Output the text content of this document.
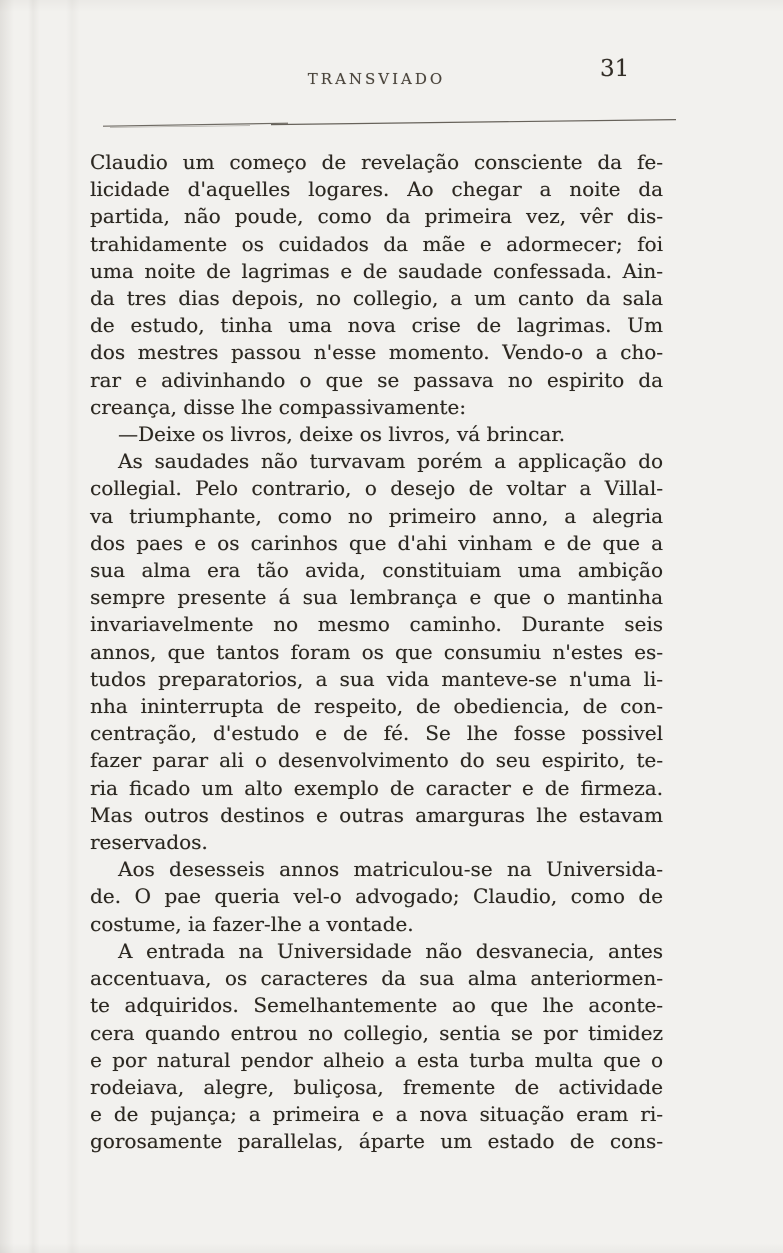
TRANSVIADO	31
Claudio um começo de revelação consciente da fe-
licidade d'aquelles logares. Ao chegar a noite da
partida, não poude, como da primeira vez, vêr dis-
trahidamente os cuidados da mãe e adormecer; foi
uma noite de lagrimas e de saudade confessada. Ain-
da tres dias depois, no collegio, a um canto da sala
de estudo, tinha uma nova crise de lagrimas. Um
dos mestres passou n'esse momento. Vendo-o a cho-
rar e adivinhando o que se passava no espirito da
creança, disse lhe compassivamente:
—Deixe os livros, deixe os livros, vá brincar.
As saudades não turvavam porém a applicação do
collegial. Pelo contrario, o desejo de voltar a Villal-
va triumphante, como no primeiro anno, a alegria
dos paes e os carinhos que d'ahi vinham e de que a
sua alma era tão avida, constituiam uma ambição
sempre presente á sua lembrança e que o mantinha
invariavelmente no mesmo caminho. Durante seis
annos, que tantos foram os que consumiu n'estes es-
tudos preparatorios, a sua vida manteve-se n'uma li-
nha ininterrupta de respeito, de obediencia, de con-
centração, d'estudo e de fé. Se lhe fosse possivel
fazer parar ali o desenvolvimento do seu espirito, te-
ria ficado um alto exemplo de caracter e de firmeza.
Mas outros destinos e outras amarguras lhe estavam
reservados.
Aos desesseis annos matriculou-se na Universida-
de. O pae queria vel-o advogado; Claudio, como de
costume, ia fazer-lhe a vontade.
A entrada na Universidade não desvanecia, antes
accentuava, os caracteres da sua alma anteriormen-
te adquiridos. Semelhantemente ao que lhe aconte-
cera quando entrou no collegio, sentia se por timidez
e por natural pendor alheio a esta turba multa que o
rodeiava, alegre, buliçosa, fremente de actividade
e de pujança; a primeira e a nova situação eram ri-
gorosamente parallelas, áparte um estado de cons-
